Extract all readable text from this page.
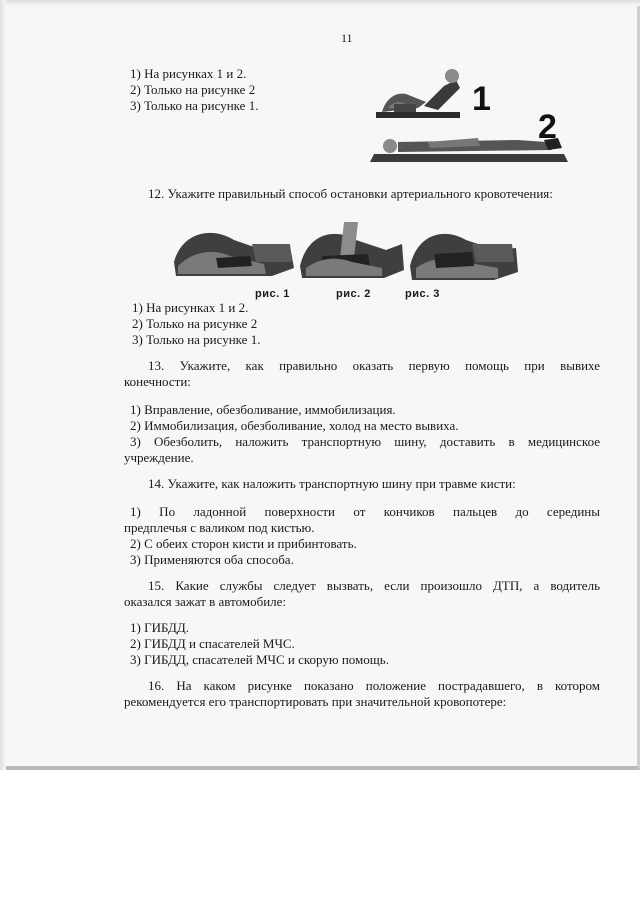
11
1) На рисунках 1 и 2.
2) Только на рисунке 2
3) Только на рисунке 1.	1
2
12. Укажите правильный способ остановки артериального кровотечения:
рис. 1	рис. 2	рис. 3
1) На рисунках 1 и 2.
2) Только на рисунке 2
3) Только на рисунке 1.
13. Укажите, как правильно оказать первую помощь при вывихе
конечности:
1) Вправление, обезболивание, иммобилизация.
2) Иммобилизация, обезболивание, холод на место вывиха.
3) Обезболить, наложить транспортную шину, доставить в медицинское
учреждение.
14. Укажите, как наложить транспортную шину при травме кисти:
1) По ладонной поверхности от кончиков пальцев до середины
предплечья с валиком под кистью.
2) С обеих сторон кисти и прибинтовать.
3) Применяются оба способа.
15. Какие службы следует вызвать, если произошло ДТП, а водитель
оказался зажат в автомобиле:
1) ГИБДД.
2) ГИБДД и спасателей МЧС.
3) ГИБДД, спасателей МЧС и скорую помощь.
16. На каком рисунке показано положение пострадавшего, в котором
рекомендуется его транспортировать при значительной кровопотере:
